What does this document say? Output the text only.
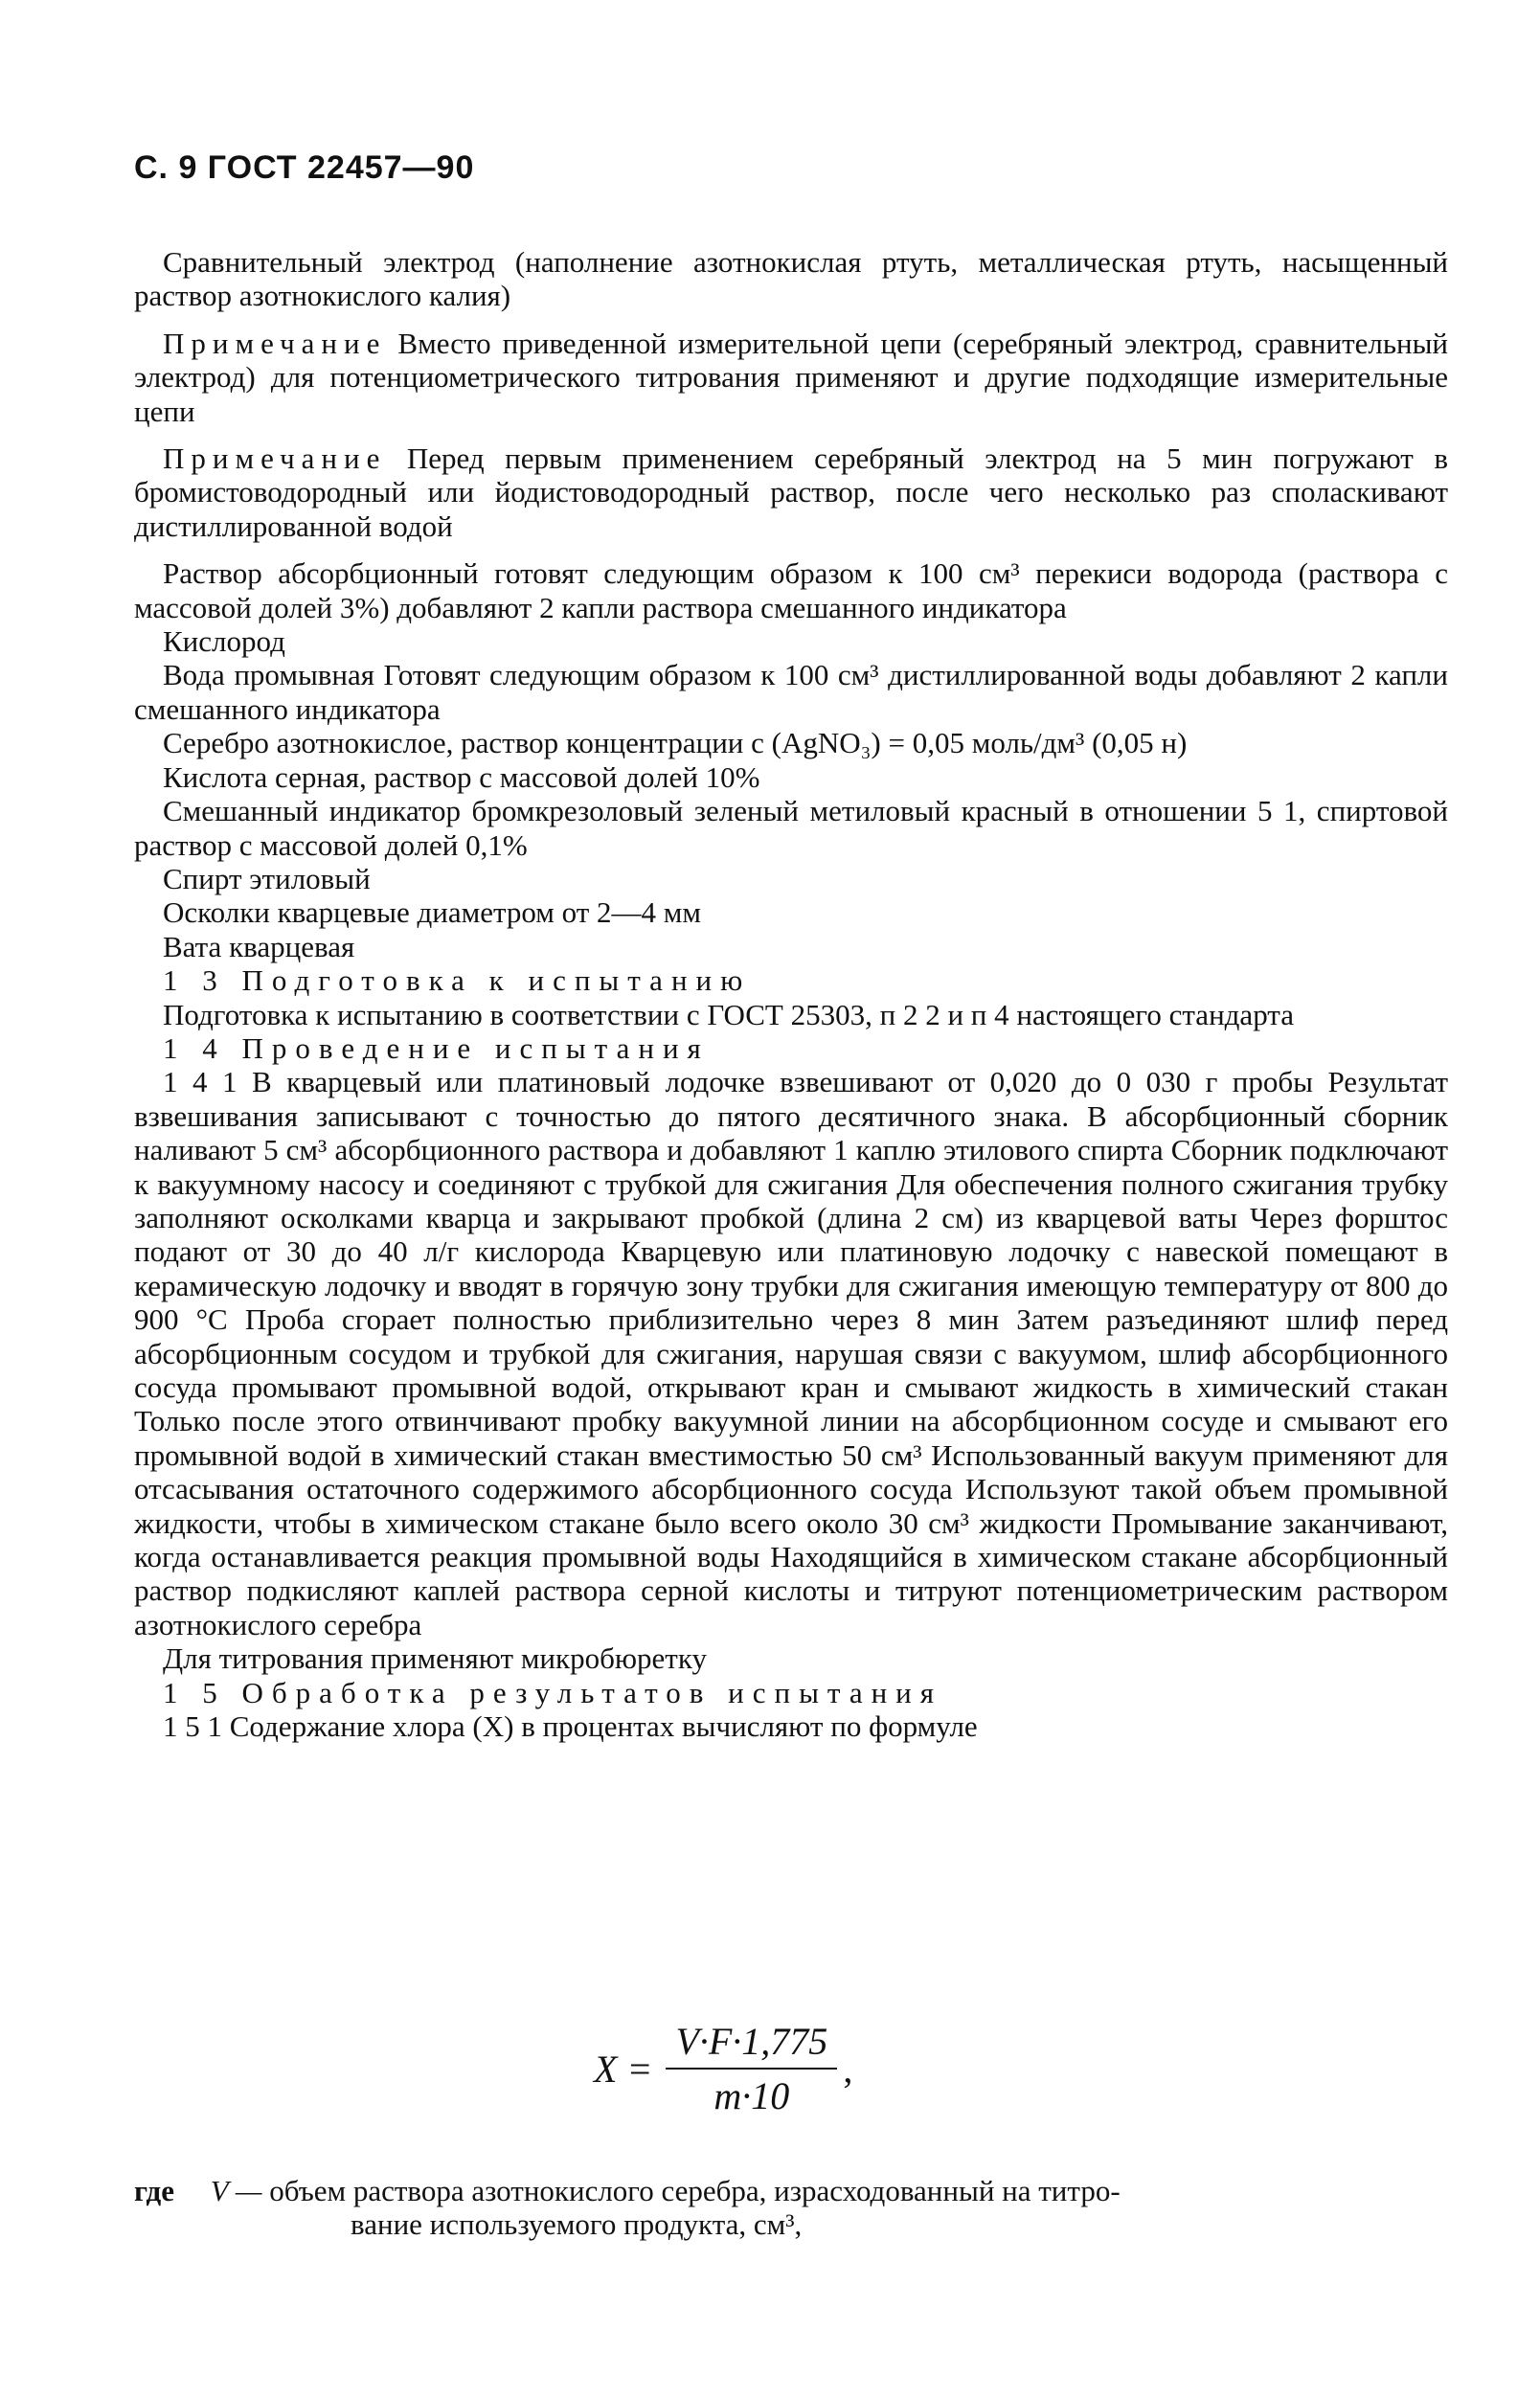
С. 9 ГОСТ 22457—90

Сравнительный электрод (наполнение азотнокислая ртуть, металлическая ртуть, насыщенный раствор азотнокислого калия)

Примечание Вместо приведенной измерительной цепи (серебряный электрод, сравнительный электрод) для потенциометрического титрования применяют и другие подходящие измерительные цепи

Примечание Перед первым применением серебряный электрод на 5 мин погружают в бромистоводородный или йодистоводородный раствор, после чего несколько раз споласкивают дистиллированной водой

Раствор абсорбционный готовят следующим образом к 100 см³ перекиси водорода (раствора с массовой долей 3%) добавляют 2 капли раствора смешанного индикатора

Кислород

Вода промывная Готовят следующим образом к 100 см³ дистиллированной воды добавляют 2 капли смешанного индикатора

Серебро азотнокислое, раствор концентрации c (AgNO₃) = 0,05 моль/дм³ (0,05 н)

Кислота серная, раствор с массовой долей 10%

Смешанный индикатор бромкрезоловый зеленый метиловый красный в отношении 5 1, спиртовой раствор с массовой долей 0,1%

Спирт этиловый

Осколки кварцевые диаметром от 2—4 мм

Вата кварцевая

1 3 Подготовка к испытанию

Подготовка к испытанию в соответствии с ГОСТ 25303, п 2 2 и п 4 настоящего стандарта

1 4 Проведение испытания

1 4 1 В кварцевый или платиновый лодочке взвешивают от 0,020 до 0 030 г пробы Результат взвешивания записывают с точностью до пятого десятичного знака. В абсорбционный сборник наливают 5 см³ абсорбционного раствора и добавляют 1 каплю этилового спирта Сборник подключают к вакуумному насосу и соединяют с трубкой для сжигания Для обеспечения полного сжигания трубку заполняют осколками кварца и закрывают пробкой (длина 2 см) из кварцевой ваты Через форштос подают от 30 до 40 л/г кислорода Кварцевую или платиновую лодочку с навеской помещают в керамическую лодочку и вводят в горячую зону трубки для сжигания имеющую температуру от 800 до 900 °С Проба сгорает полностью приблизительно через 8 мин Затем разъединяют шлиф перед абсорбционным сосудом и трубкой для сжигания, нарушая связи с вакуумом, шлиф абсорбционного сосуда промывают промывной водой, открывают кран и смывают жидкость в химический стакан Только после этого отвинчивают пробку вакуумной линии на абсорбционном сосуде и смывают его промывной водой в химический стакан вместимостью 50 см³ Использованный вакуум применяют для отсасывания остаточного содержимого абсорбционного сосуда Используют такой объем промывной жидкости, чтобы в химическом стакане было всего около 30 см³ жидкости Промывание заканчивают, когда останавливается реакция промывной воды Находящийся в химическом стакане абсорбционный раствор подкисляют каплей раствора серной кислоты и титруют потенциометрическим раствором азотнокислого серебра

Для титрования применяют микробюретку

1 5 Обработка результатов испытания

1 5 1 Содержание хлора (X) в процентах вычисляют по формуле

$X = \frac{V\cdot F\cdot 1,775}{m\cdot 10}$ ,
где V — объем раствора азотнокислого серебра, израсходованный на титро-
вание используемого продукта, см³,
